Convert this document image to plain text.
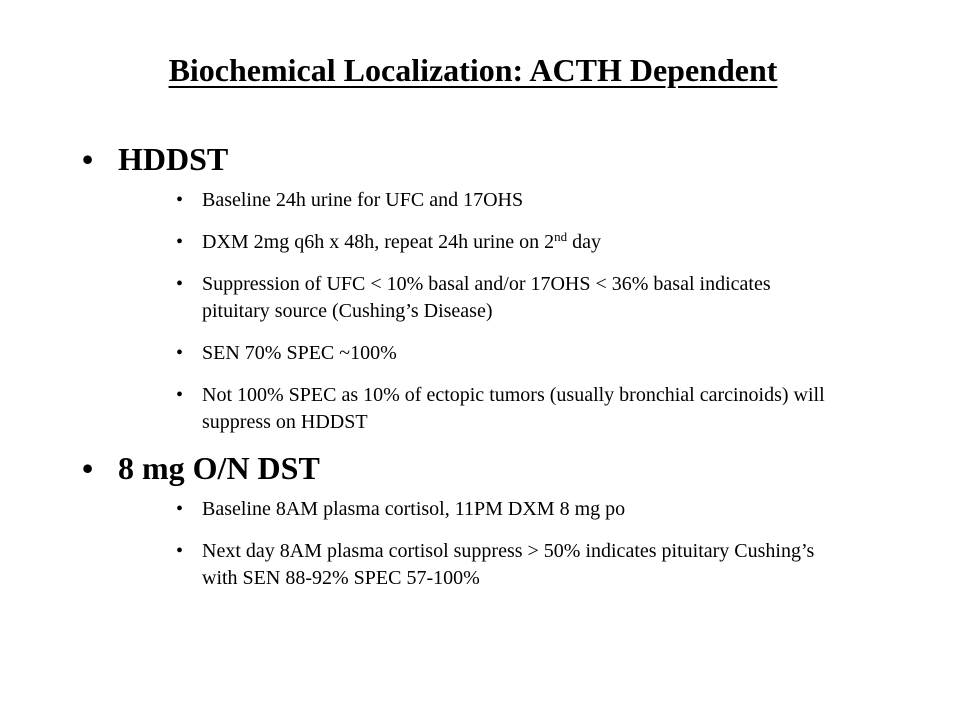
Biochemical Localization: ACTH Dependent
• HDDST
• Baseline 24h urine for UFC and 17OHS
• DXM 2mg q6h x 48h, repeat 24h urine on 2nd day
• Suppression of UFC < 10% basal and/or 17OHS < 36% basal indicates pituitary source (Cushing’s Disease)
• SEN 70% SPEC ~100%
• Not 100% SPEC as 10% of ectopic tumors (usually bronchial carcinoids) will suppress on HDDST
• 8 mg O/N DST
• Baseline 8AM plasma cortisol, 11PM DXM 8 mg po
• Next day 8AM plasma cortisol suppress > 50% indicates pituitary Cushing’s with SEN 88-92% SPEC 57-100%
